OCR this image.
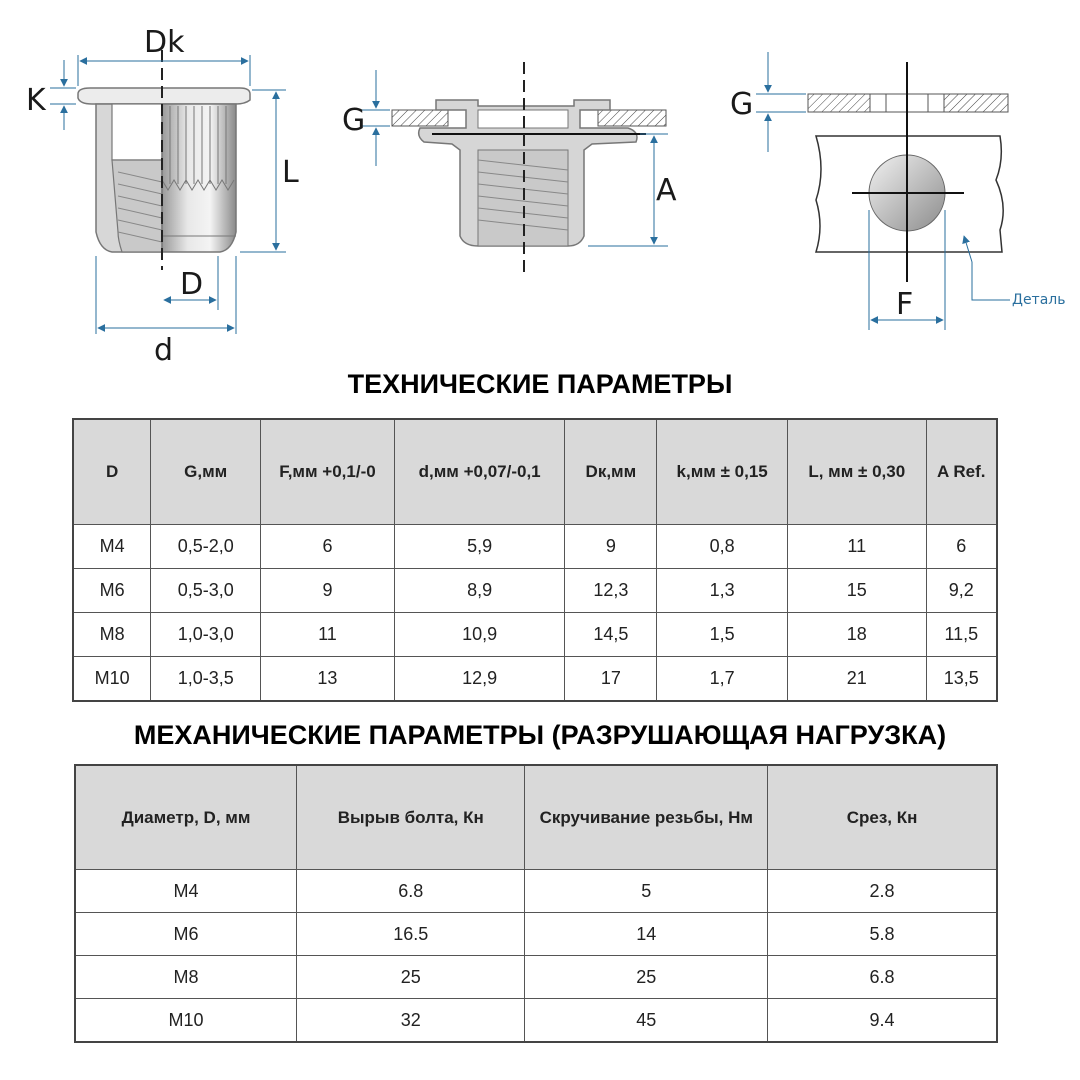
Dk
K
L
D
d
G
A
G
F	Деталь
ТЕХНИЧЕСКИЕ ПАРАМЕТРЫ
D	G,мм	F,мм +0,1/-0	d,мм +0,07/-0,1	Dк,мм	k,мм ± 0,15	L, мм ± 0,30	A Ref.
М4	0,5-2,0	6	5,9	9	0,8	11	6
М6	0,5-3,0	9	8,9	12,3	1,3	15	9,2
М8	1,0-3,0	11	10,9	14,5	1,5	18	11,5
М10	1,0-3,5	13	12,9	17	1,7	21	13,5
МЕХАНИЧЕСКИЕ ПАРАМЕТРЫ (РАЗРУШАЮЩАЯ НАГРУЗКА)
Диаметр, D, мм	Вырыв болта, Кн	Скручивание резьбы, Нм	Срез, Кн
М4	6.8	5	2.8
М6	16.5	14	5.8
М8	25	25	6.8
М10	32	45	9.4
